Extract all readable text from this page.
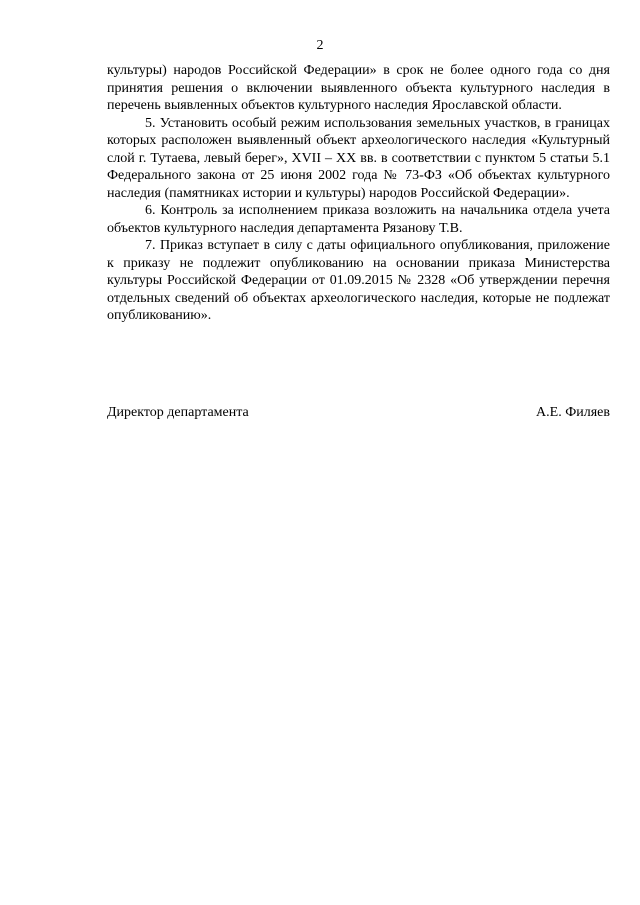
2

культуры) народов Российской Федерации» в срок не более одного года со дня принятия решения о включении выявленного объекта культурного наследия в перечень выявленных объектов культурного наследия Ярославской области.

5. Установить особый режим использования земельных участков, в границах которых расположен выявленный объект археологического наследия «Культурный слой г. Тутаева, левый берег», XVII – XX вв. в соответствии с пунктом 5 статьи 5.1 Федерального закона от 25 июня 2002 года № 73-ФЗ «Об объектах культурного наследия (памятниках истории и культуры) народов Российской Федерации».

6. Контроль за исполнением приказа возложить на начальника отдела учета объектов культурного наследия департамента Рязанову Т.В.

7. Приказ вступает в силу с даты официального опубликования, приложение к приказу не подлежит опубликованию на основании приказа Министерства культуры Российской Федерации от 01.09.2015 № 2328 «Об утверждении перечня отдельных сведений об объектах археологического наследия, которые не подлежат опубликованию».

Директор департамента	А.Е. Филяев
